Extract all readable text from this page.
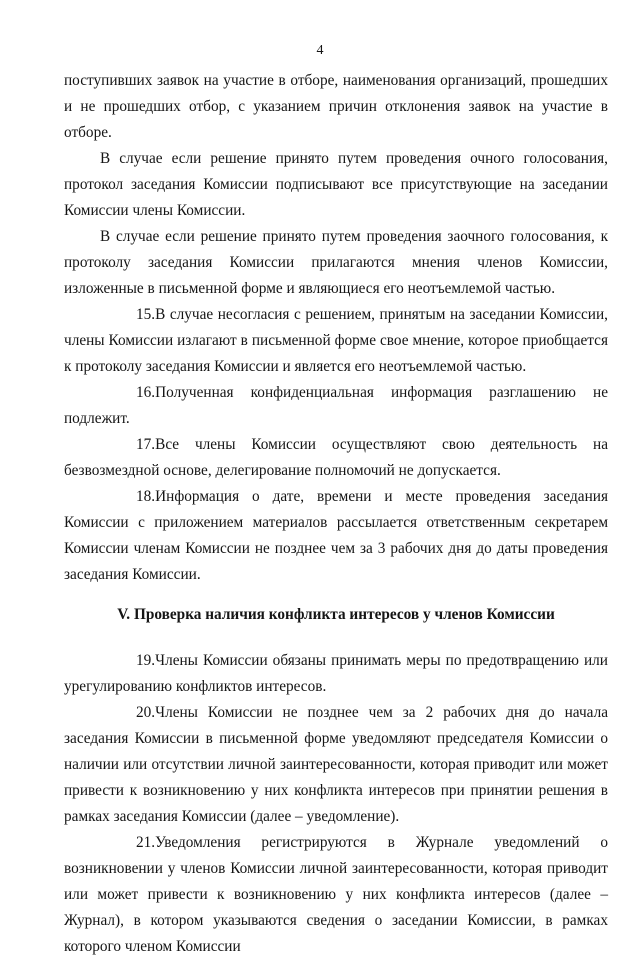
4

поступивших заявок на участие в отборе, наименования организаций, прошедших и не прошедших отбор, с указанием причин отклонения заявок на участие в отборе.

В случае если решение принято путем проведения очного голосования, протокол заседания Комиссии подписывают все присутствующие на заседании Комиссии члены Комиссии.

В случае если решение принято путем проведения заочного голосования, к протоколу заседания Комиссии прилагаются мнения членов Комиссии, изложенные в письменной форме и являющиеся его неотъемлемой частью.

15.В случае несогласия с решением, принятым на заседании Комиссии, члены Комиссии излагают в письменной форме свое мнение, которое приобщается к протоколу заседания Комиссии и является его неотъемлемой частью.

16.Полученная конфиденциальная информация разглашению не подлежит.

17.Все члены Комиссии осуществляют свою деятельность на безвозмездной основе, делегирование полномочий не допускается.

18.Информация о дате, времени и месте проведения заседания Комиссии с приложением материалов рассылается ответственным секретарем Комиссии членам Комиссии не позднее чем за 3 рабочих дня до даты проведения заседания Комиссии.

V. Проверка наличия конфликта интересов у членов Комиссии

19.Члены Комиссии обязаны принимать меры по предотвращению или урегулированию конфликтов интересов.

20.Члены Комиссии не позднее чем за 2 рабочих дня до начала заседания Комиссии в письменной форме уведомляют председателя Комиссии о наличии или отсутствии личной заинтересованности, которая приводит или может привести к возникновению у них конфликта интересов при принятии решения в рамках заседания Комиссии (далее – уведомление).

21.Уведомления регистрируются в Журнале уведомлений о возникновении у членов Комиссии личной заинтересованности, которая приводит или может привести к возникновению у них конфликта интересов (далее – Журнал), в котором указываются сведения о заседании Комиссии, в рамках которого членом Комиссии
